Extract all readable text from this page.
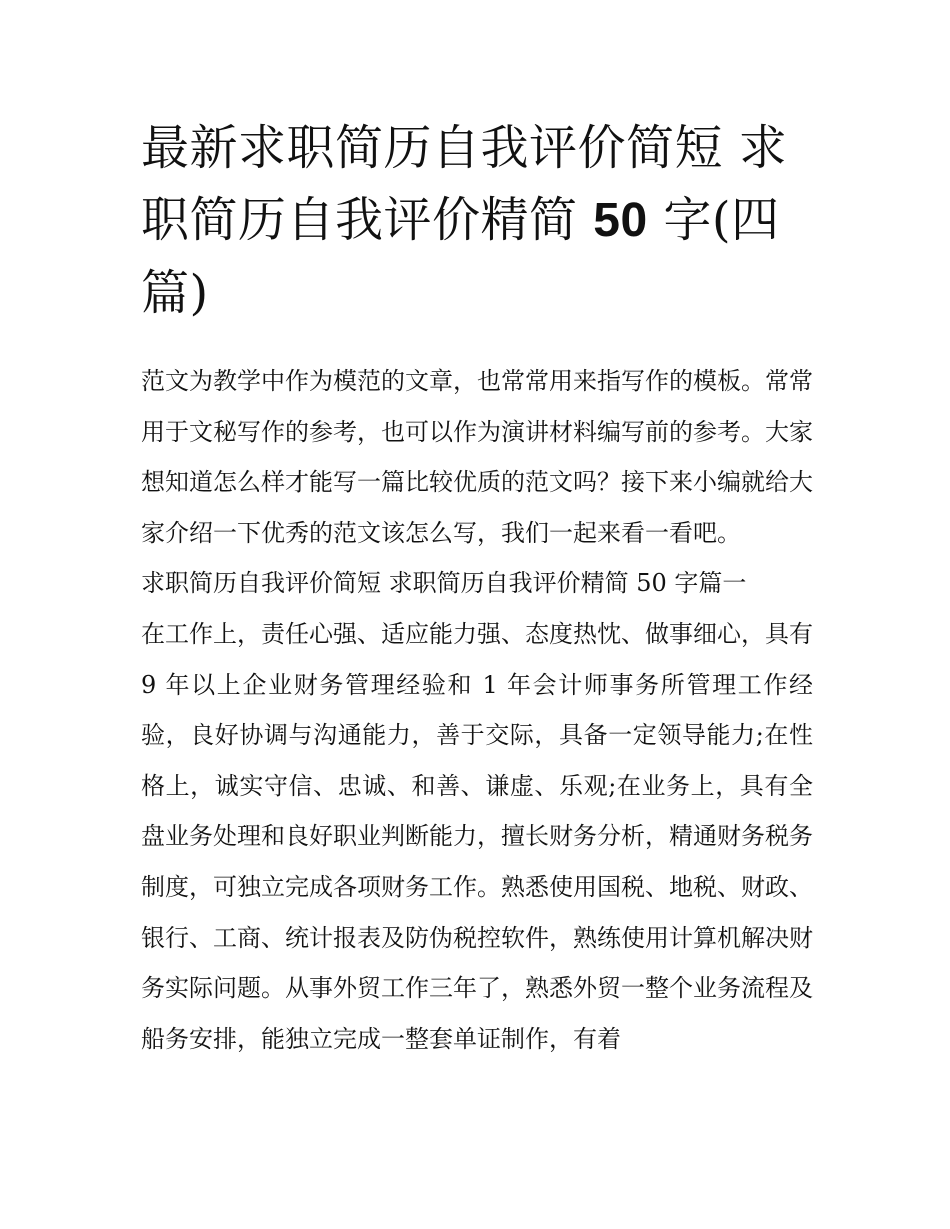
最新求职简历自我评价简短 求职简历自我评价精简 50 字(四篇)

范文为教学中作为模范的文章，也常常用来指写作的模板。常常用于文秘写作的参考，也可以作为演讲材料编写前的参考。大家想知道怎么样才能写一篇比较优质的范文吗？接下来小编就给大家介绍一下优秀的范文该怎么写，我们一起来看一看吧。

求职简历自我评价简短 求职简历自我评价精简 50 字篇一

在工作上，责任心强、适应能力强、态度热忱、做事细心，具有 9 年以上企业财务管理经验和 1 年会计师事务所管理工作经验，良好协调与沟通能力，善于交际，具备一定领导能力;在性格上，诚实守信、忠诚、和善、谦虚、乐观;在业务上，具有全盘业务处理和良好职业判断能力，擅长财务分析，精通财务税务制度，可独立完成各项财务工作。熟悉使用国税、地税、财政、银行、工商、统计报表及防伪税控软件，熟练使用计算机解决财务实际问题。从事外贸工作三年了，熟悉外贸一整个业务流程及船务安排，能独立完成一整套单证制作，有着
